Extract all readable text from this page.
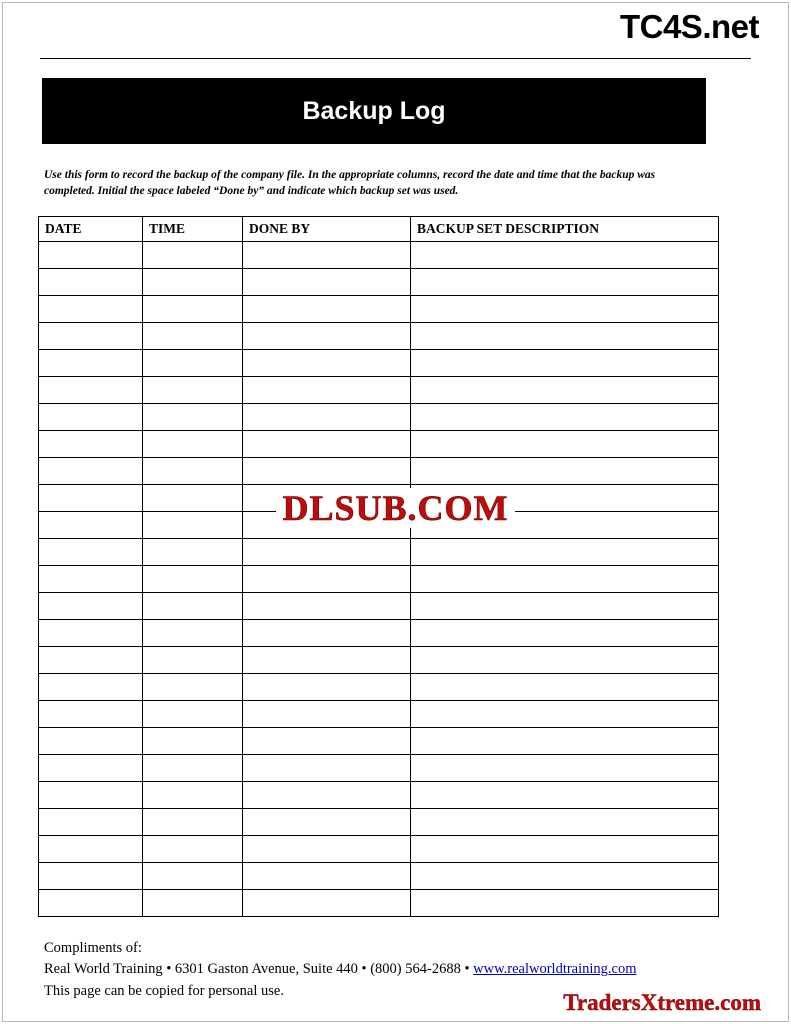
TC4S.net
Backup Log
Use this form to record the backup of the company file. In the appropriate columns, record the date and time that the backup was completed. Initial the space labeled “Done by” and indicate which backup set was used.
DATE	TIME	DONE BY	BACKUP SET DESCRIPTION

DLSUB.COM
Compliments of:
Real World Training • 6301 Gaston Avenue, Suite 440 • (800) 564-2688 • www.realworldtraining.com
This page can be copied for personal use.	TradersXtreme.com
